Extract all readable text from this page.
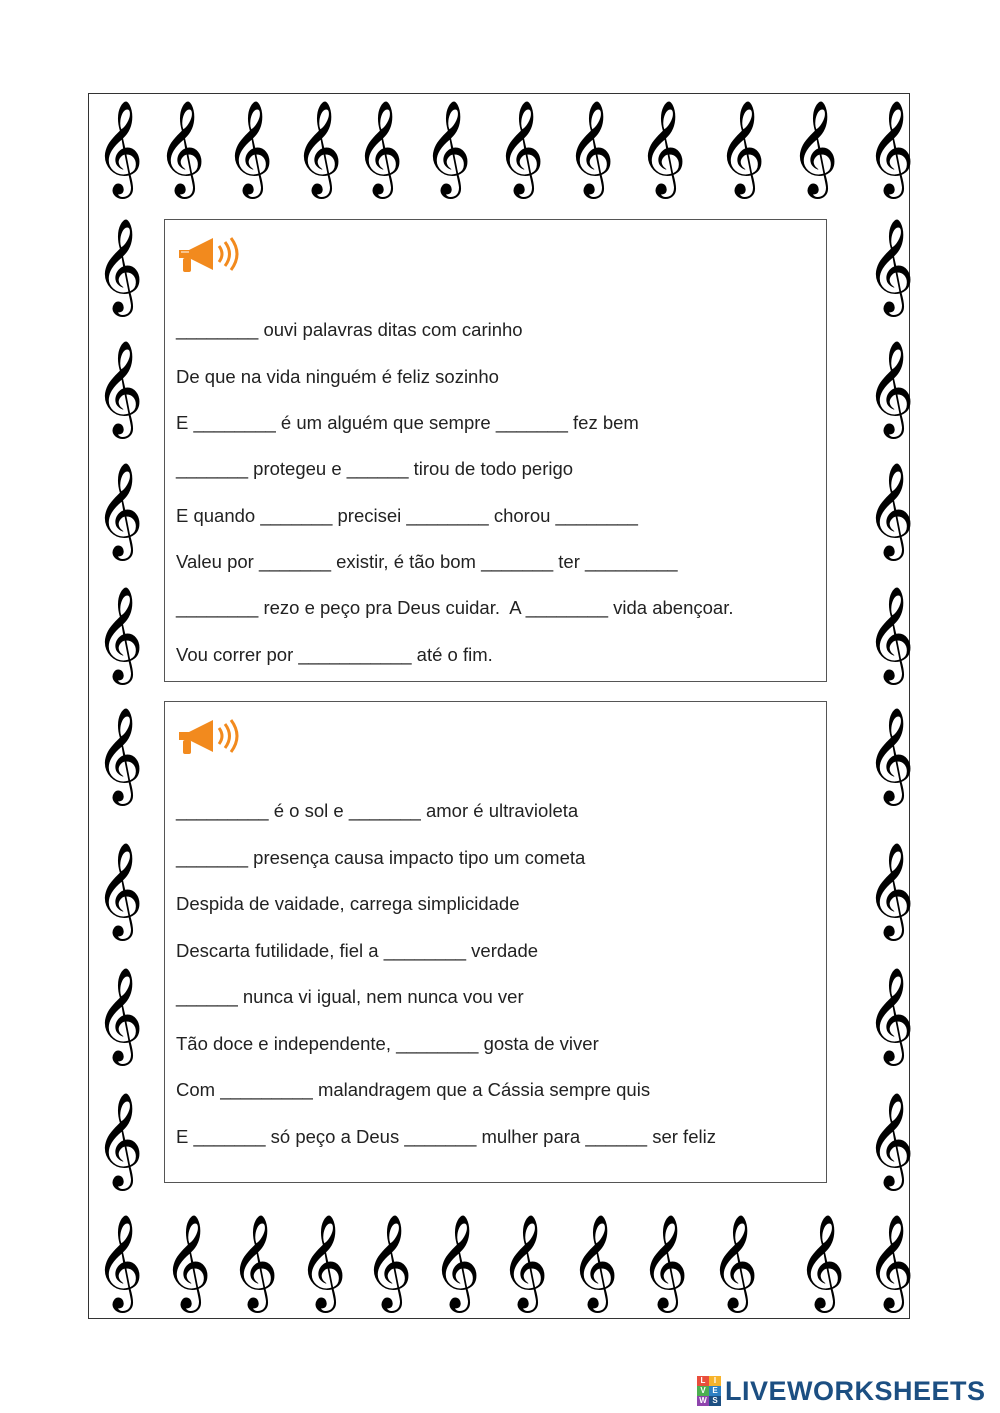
𝄞 𝄞 𝄞 𝄞 𝄞 𝄞 𝄞 𝄞 𝄞 𝄞 𝄞 𝄞
𝄞 𝄞 𝄞 𝄞 𝄞 𝄞 𝄞 𝄞 𝄞 𝄞 𝄞 𝄞
𝄞	𝄞
𝄞	𝄞
𝄞	𝄞
𝄞	𝄞
𝄞	𝄞
𝄞	𝄞
𝄞	𝄞
𝄞	𝄞
________ ouvi palavras ditas com carinho
De que na vida ninguém é feliz sozinho
E ________ é um alguém que sempre _______ fez bem
_______ protegeu e ______ tirou de todo perigo
E quando _______ precisei ________ chorou ________
Valeu por _______ existir, é tão bom _______ ter _________
________ rezo e peço pra Deus cuidar.  A ________ vida abençoar.
Vou correr por ___________ até o fim.
_________ é o sol e _______ amor é ultravioleta
_______ presença causa impacto tipo um cometa
Despida de vaidade, carrega simplicidade
Descarta futilidade, fiel a ________ verdade
______ nunca vi igual, nem nunca vou ver
Tão doce e independente, ________ gosta de viver
Com _________ malandragem que a Cássia sempre quis
E _______ só peço a Deus _______ mulher para ______ ser feliz
L	I
V E
W S LIVEWORKSHEETS
